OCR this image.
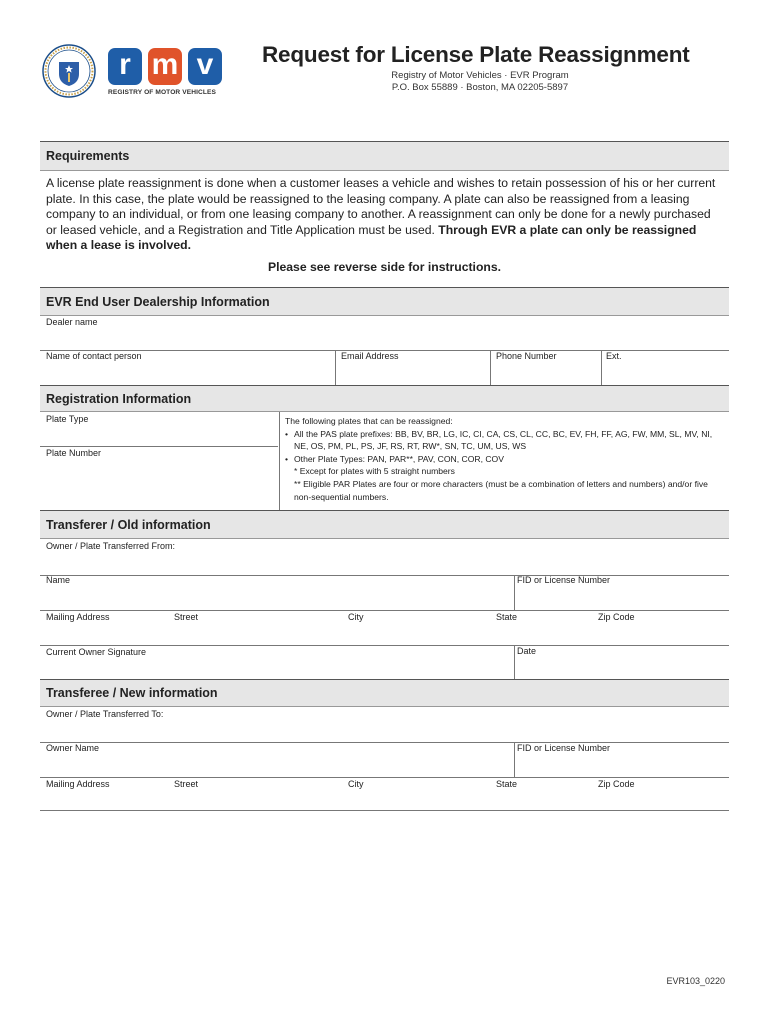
r m v
REGISTRY OF MOTOR VEHICLES
Request for License Plate Reassignment
Registry of Motor Vehicles · EVR Program
P.O. Box 55889 · Boston, MA 02205-5897
Requirements
A license plate reassignment is done when a customer leases a vehicle and wishes to retain possession of his or her current plate. In this case, the plate would be reassigned to the leasing company. A plate can also be reassigned from a leasing company to an individual, or from one leasing company to another. A reassignment can only be done for a newly purchased or leased vehicle, and a Registration and Title Application must be used. Through EVR a plate can only be reassigned when a lease is involved.
Please see reverse side for instructions.
EVR End User Dealership Information
Dealer name
Name of contact person	Email Address	Phone Number	Ext.
Registration Information
Plate Type
Plate Number
The following plates that can be reassigned:
• All the PAS plate prefixes: BB, BV, BR, LG, IC, CI, CA, CS, CL, CC, BC, EV, FH, FF, AG, FW, MM, SL, MV, NI, NE, OS, PM, PL, PS, JF, RS, RT, RW*, SN, TC, UM, US, WS
• Other Plate Types: PAN, PAR**, PAV, CON, COR, COV
* Except for plates with 5 straight numbers
** Eligible PAR Plates are four or more characters (must be a combination of letters and numbers) and/or five non-sequential numbers.
Transferer / Old information
Owner / Plate Transferred From:
Name	FID or License Number
Mailing Address	Street	City	State	Zip Code
Current Owner Signature	Date
Transferee / New information
Owner / Plate Transferred To:
Owner Name	FID or License Number
Mailing Address	Street	City	State	Zip Code
EVR103_0220
